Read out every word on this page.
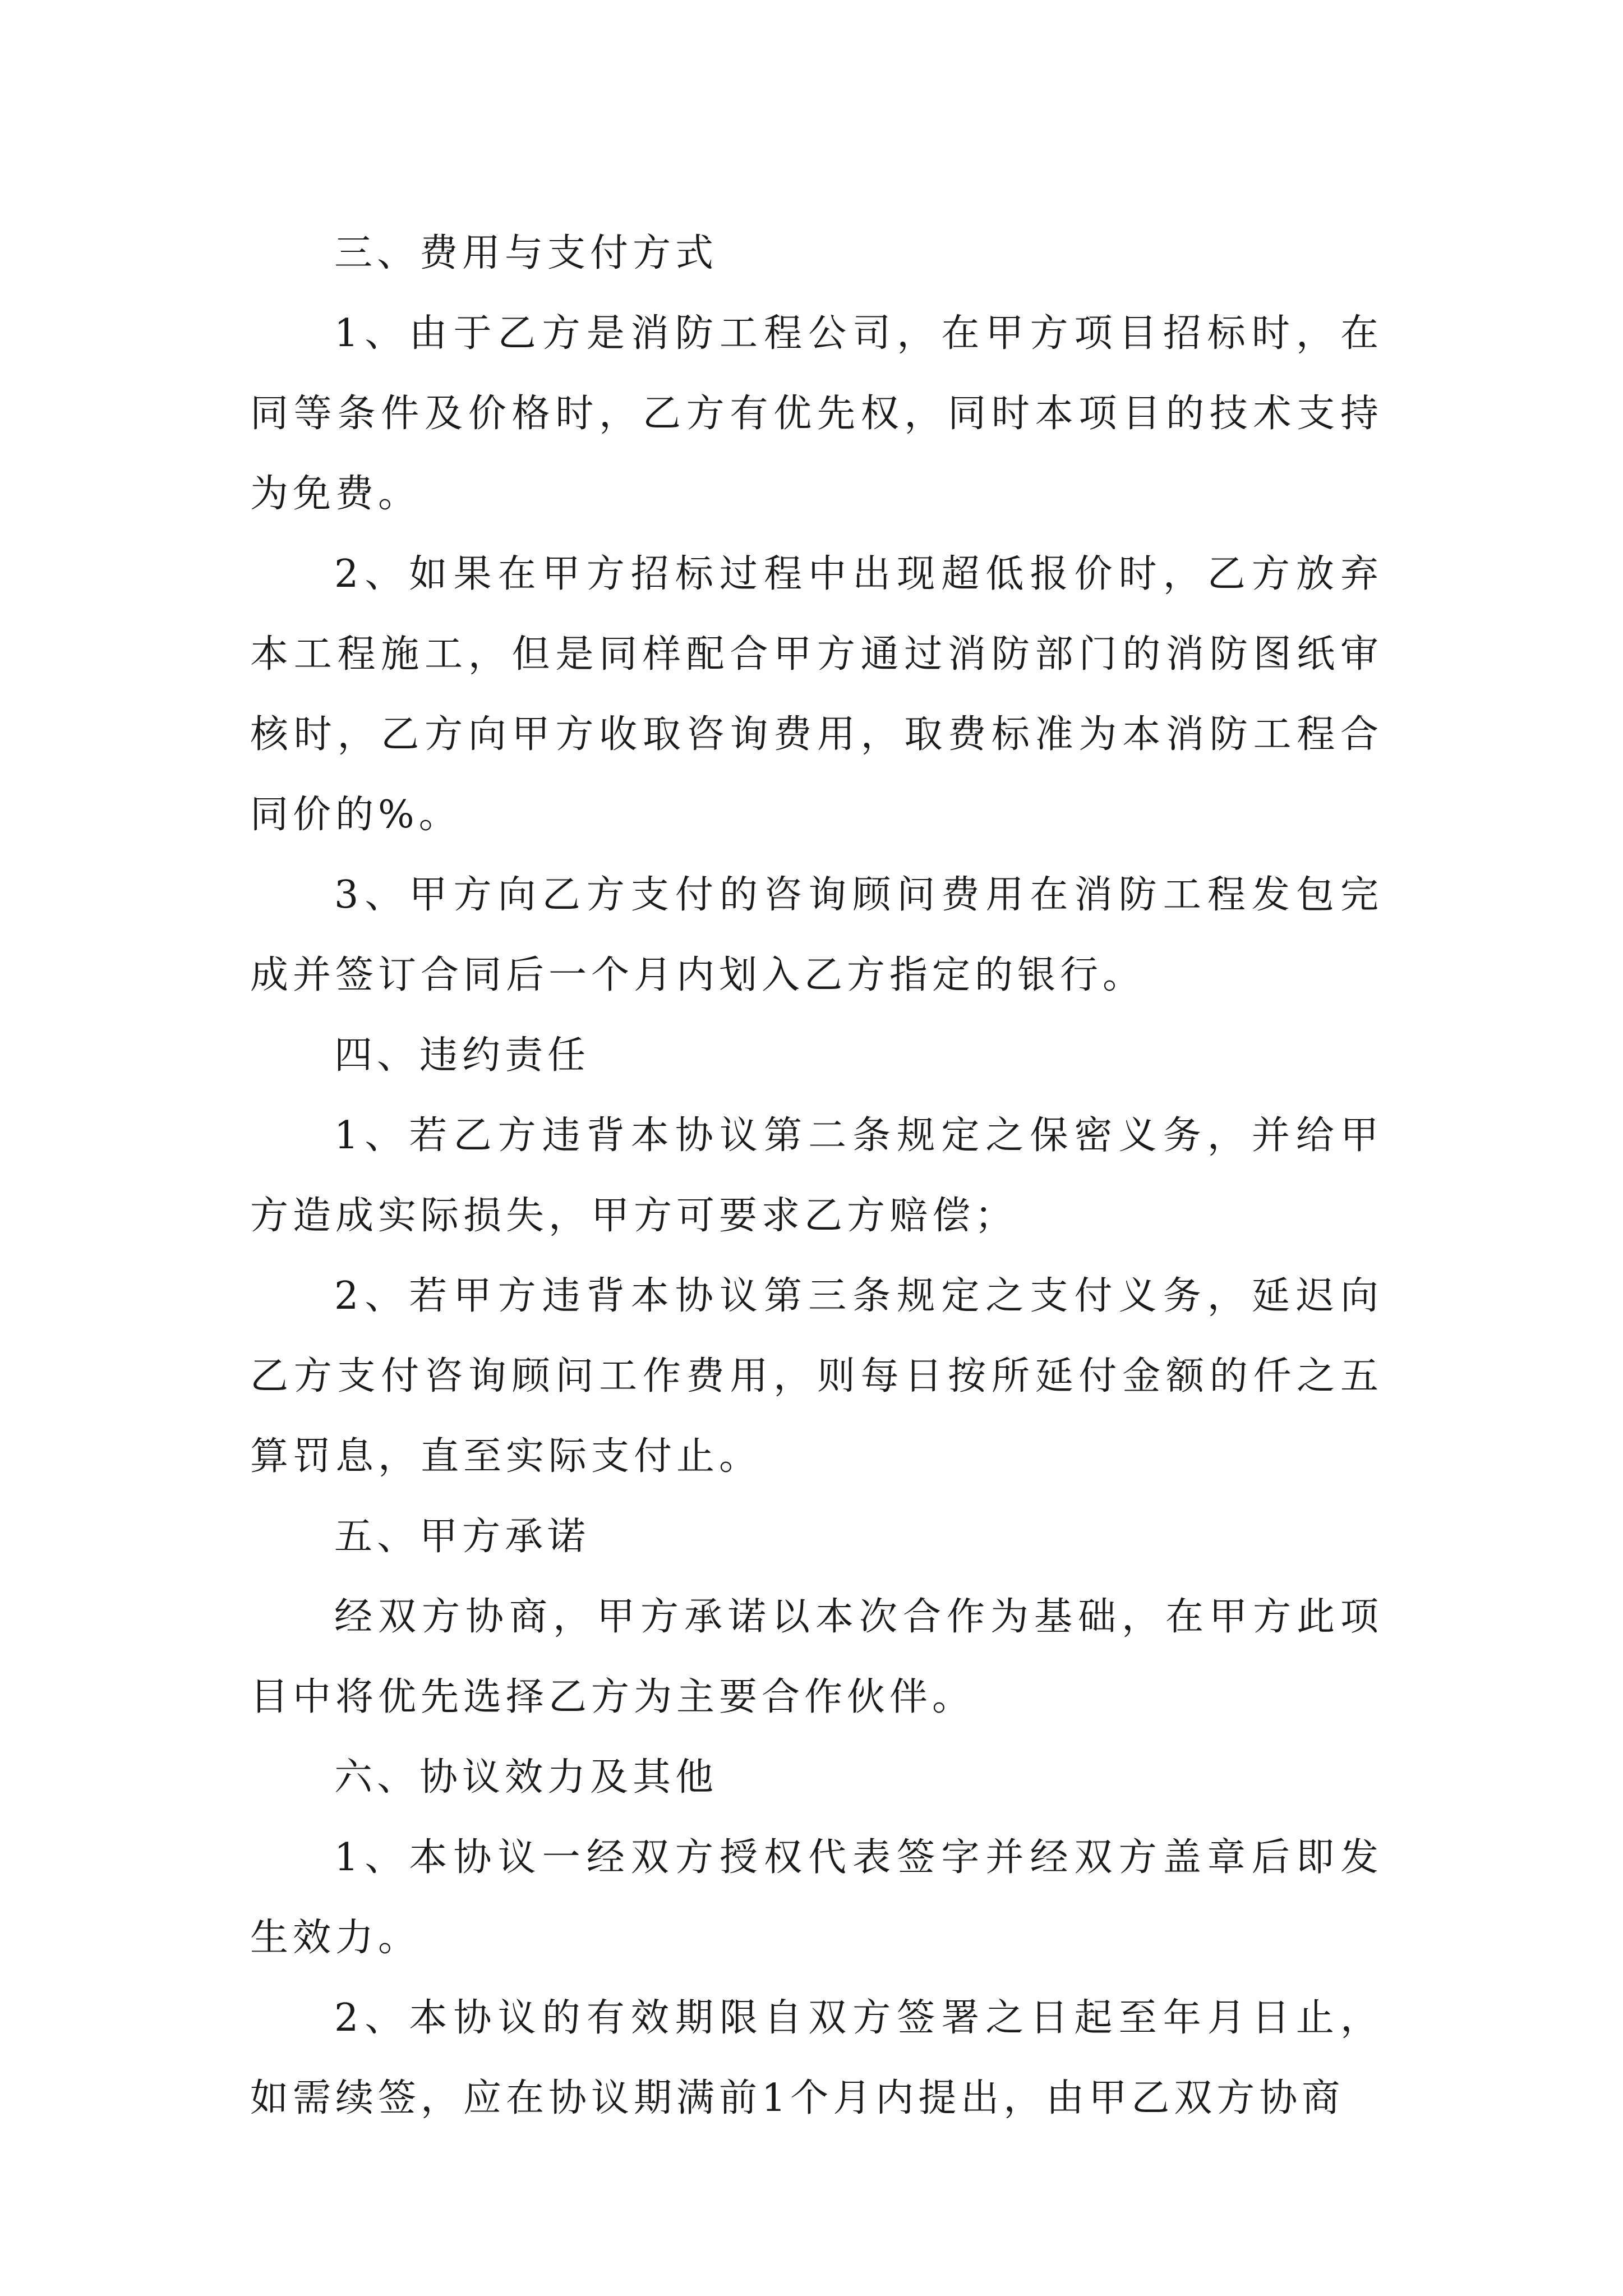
三、费用与支付方式

1、由于乙方是消防工程公司，在甲方项目招标时，在同等条件及价格时，乙方有优先权，同时本项目的技术支持为免费。

2、如果在甲方招标过程中出现超低报价时，乙方放弃本工程施工，但是同样配合甲方通过消防部门的消防图纸审核时，乙方向甲方收取咨询费用，取费标准为本消防工程合同价的%。

3、甲方向乙方支付的咨询顾问费用在消防工程发包完成并签订合同后一个月内划入乙方指定的银行。

四、违约责任

1、若乙方违背本协议第二条规定之保密义务，并给甲方造成实际损失，甲方可要求乙方赔偿；

2、若甲方违背本协议第三条规定之支付义务，延迟向乙方支付咨询顾问工作费用，则每日按所延付金额的仟之五算罚息，直至实际支付止。

五、甲方承诺

经双方协商，甲方承诺以本次合作为基础，在甲方此项目中将优先选择乙方为主要合作伙伴。

六、协议效力及其他

1、本协议一经双方授权代表签字并经双方盖章后即发生效力。

2、本协议的有效期限自双方签署之日起至年月日止，如需续签，应在协议期满前1个月内提出，由甲乙双方协商
